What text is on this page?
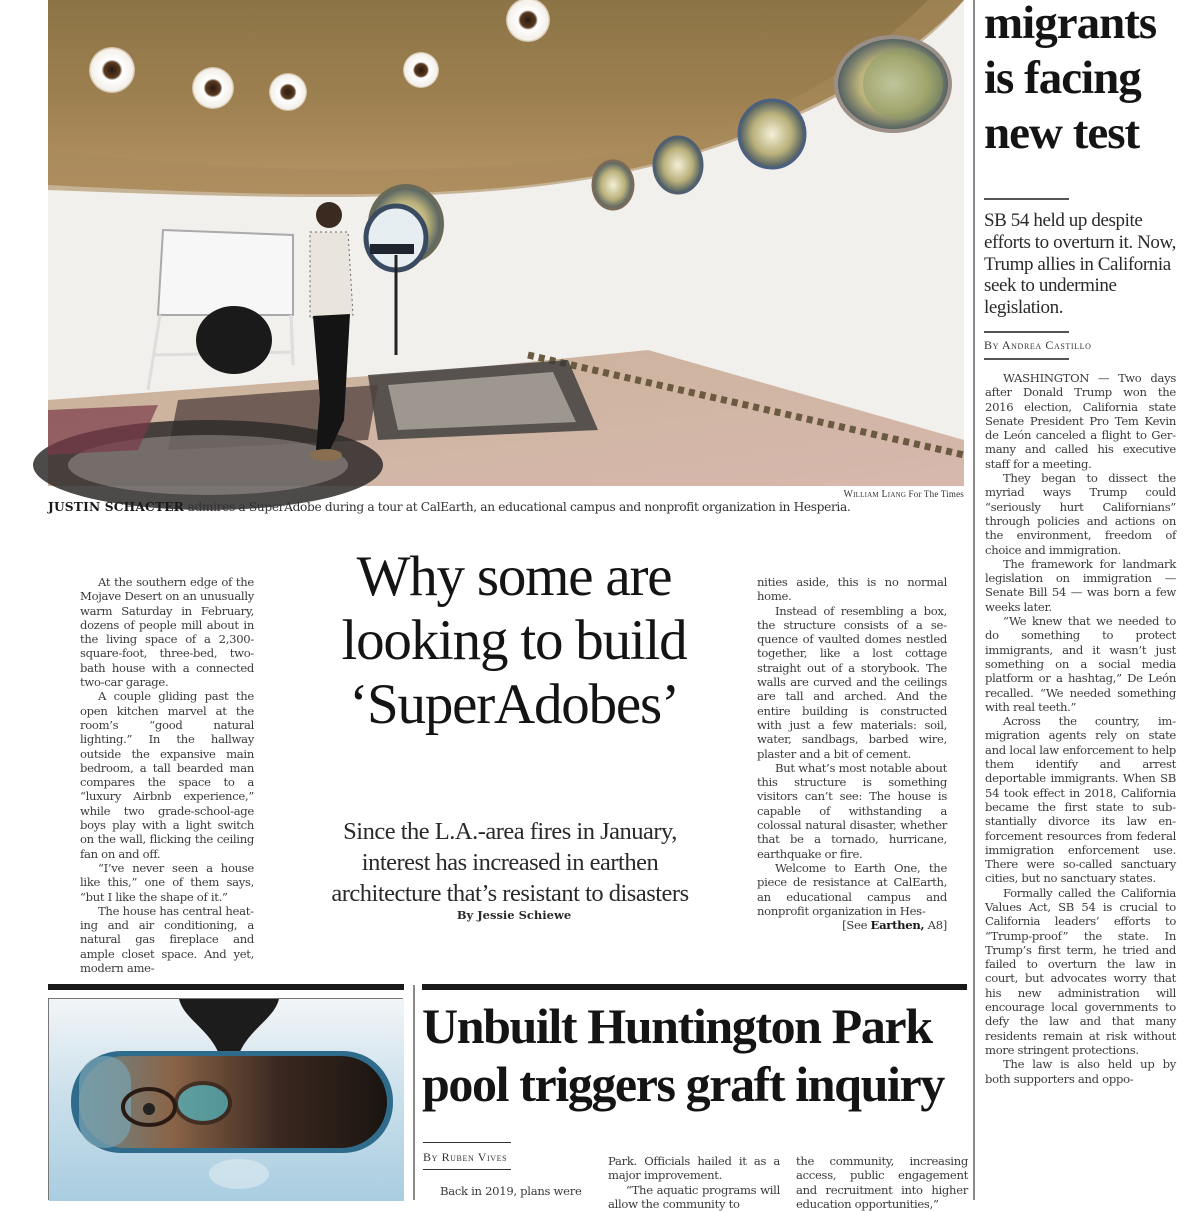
William Liang For The Times
JUSTIN SCHACTER admires a SuperAdobe during a tour at CalEarth, an educational campus and nonprofit organization in Hesperia.

At the southern edge of the Mojave Desert on an unusually warm Saturday in February, dozens of people mill about in the living space of a 2,300-square-foot, three-bed, two-bath house with a connected two-car garage.

A couple gliding past the open kitchen marvel at the room’s “good natural lighting.” In the hallway outside the expansive main bedroom, a tall bearded man compares the space to a “luxury Airbnb experience,” while two grade-school-age boys play with a light switch on the wall, flicking the ceiling fan on and off.

“I’ve never seen a house like this,” one of them says, “but I like the shape of it.”

The house has central heating and air conditioning, a natural gas fireplace and ample closet space. And yet, modern ame-

Why some are
looking to build
‘SuperAdobes’
Since the L.A.-area fires in January,
interest has increased in earthen
architecture that’s resistant to disasters
By Jessie Schiewe

nities aside, this is no normal home.

Instead of resembling a box, the structure consists of a sequence of vaulted domes nestled together, like a lost cottage straight out of a storybook. The walls are curved and the ceilings are tall and arched. And the entire building is constructed with just a few materials: soil, water, sandbags, barbed wire, plaster and a bit of cement.

But what’s most notable about this structure is something visitors can’t see: The house is capable of withstanding a colossal natural disaster, whether that be a tornado, hurricane, earthquake or fire.

Welcome to Earth One, the piece de resistance at CalEarth, an educational campus and nonprofit organization in Hes-

[See Earthen, A8]
migrants
is facing
new test
SB 54 held up despite efforts to overturn it. Now, Trump allies in California seek to undermine legislation.
By Andrea Castillo

WASHINGTON — Two days after Donald Trump won the 2016 election, California state Senate President Pro Tem Kevin de León canceled a flight to Germany and called his executive staff for a meeting.

They began to dissect the myriad ways Trump could “seriously hurt Californians” through policies and actions on the environment, freedom of choice and immigration.

The framework for landmark legislation on immigration — Senate Bill 54 — was born a few weeks later.

“We knew that we needed to do something to protect immigrants, and it wasn’t just something on a social media platform or a hashtag,” De León recalled. “We needed something with real teeth.”

Across the country, immigration agents rely on state and local law enforcement to help them identify and arrest deportable immigrants. When SB 54 took effect in 2018, California became the first state to substantially divorce its law enforcement resources from federal immigration enforcement use. There were so-called sanctuary cities, but no sanctuary states.

Formally called the California Values Act, SB 54 is crucial to California leaders’ efforts to “Trump-proof” the state. In Trump’s first term, he tried and failed to overturn the law in court, but advocates worry that his new administration will encourage local governments to defy the law and that many residents remain at risk without more stringent protections.

The law is also held up by both supporters and oppo-

Unbuilt Huntington Park
pool triggers graft inquiry
By Ruben Vives

Back in 2019, plans were

Park. Officials hailed it as a major improvement.

“The aquatic programs will allow the community to

the community, increasing access, public engagement and recruitment into higher education opportunities,”
